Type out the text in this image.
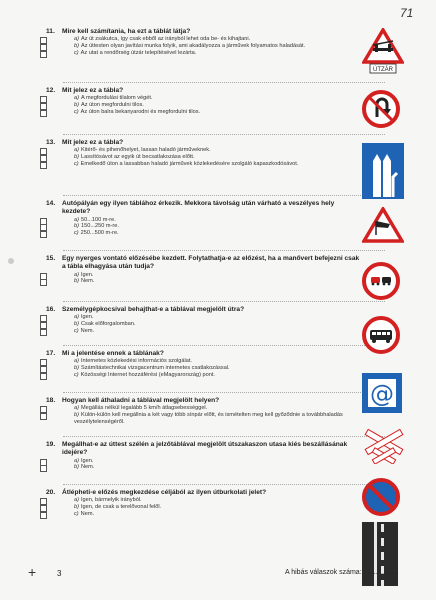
71
11. Mire kell számítania, ha ezt a táblát látja?
a) Az út zsákutca, így csak ebből az irányból lehet oda be- és kihajtani.
b) Az úttesten olyan javítási munka folyik, ami akadályozza a járművek folyamatos haladását.
c) Az utat a rendőrség útzár telepítésével lezárta.
12. Mit jelez ez a tábla?
a) A megfordulási tilalom végét.
b) Az úton megfordulni tilos.
c) Az úton balra bekanyarodni és megfordulni tilos.
13. Mit jelez ez a tábla?
a) Kitérő- és pihenőhelyet, lassan haladó járműveknek.
b) Lassítósávot az egyik út becsatlakozása előtt.
c) Emelkedő úton a lassabban haladó járművek közlekedésére szolgáló kapaszkodósávot.
14. Autópályán egy ilyen táblához érkezik. Mekkora távolság után várható a veszélyes hely kezdete?
a) 50...100 m-re.
b) 150...250 m-re.
c) 250...500 m-re.
15. Egy nyerges vontató előzésébe kezdett. Folytathatja-e az előzést, ha a manővert befejezni csak a tábla elhagyása után tudja?
a) Igen.
b) Nem.
16. Személygépkocsival behajthat-e a táblával megjelölt útra?
a) Igen.
b) Csak előforgalomban.
c) Nem.
17. Mi a jelentése ennek a táblának?
a) Internetes közlekedési információs szolgálat.
b) Számítástechnikai vizsgacentrum internetes csatlakozással.
c) Közösségi Internet hozzáférési (eMagyarország) pont.
18. Hogyan kell áthaladni a táblával megjelölt helyen?
a) Megállás nélkül legalább 5 km/h átlagsebességgel.
b) Külön-külön kell megállnia a két vagy több sínpár előtt, és ismételten meg kell győződnie a továbbhaladás veszélytelenségéről.
19. Megállhat-e az úttest szélén a jelzőtáblával megjelölt útszakaszon utasa kiés beszállásának idejére?
a) Igen.
b) Nem.
20. Átlépheti-e előzés megkezdése céljából az ilyen útburkolati jelet?
a) Igen, bármelyik irányból.
b) Igen, de csak a terelővonal felől.
c) Nem.
ÚTZÁR
@
+	3	A hibás válaszok száma: ..................
